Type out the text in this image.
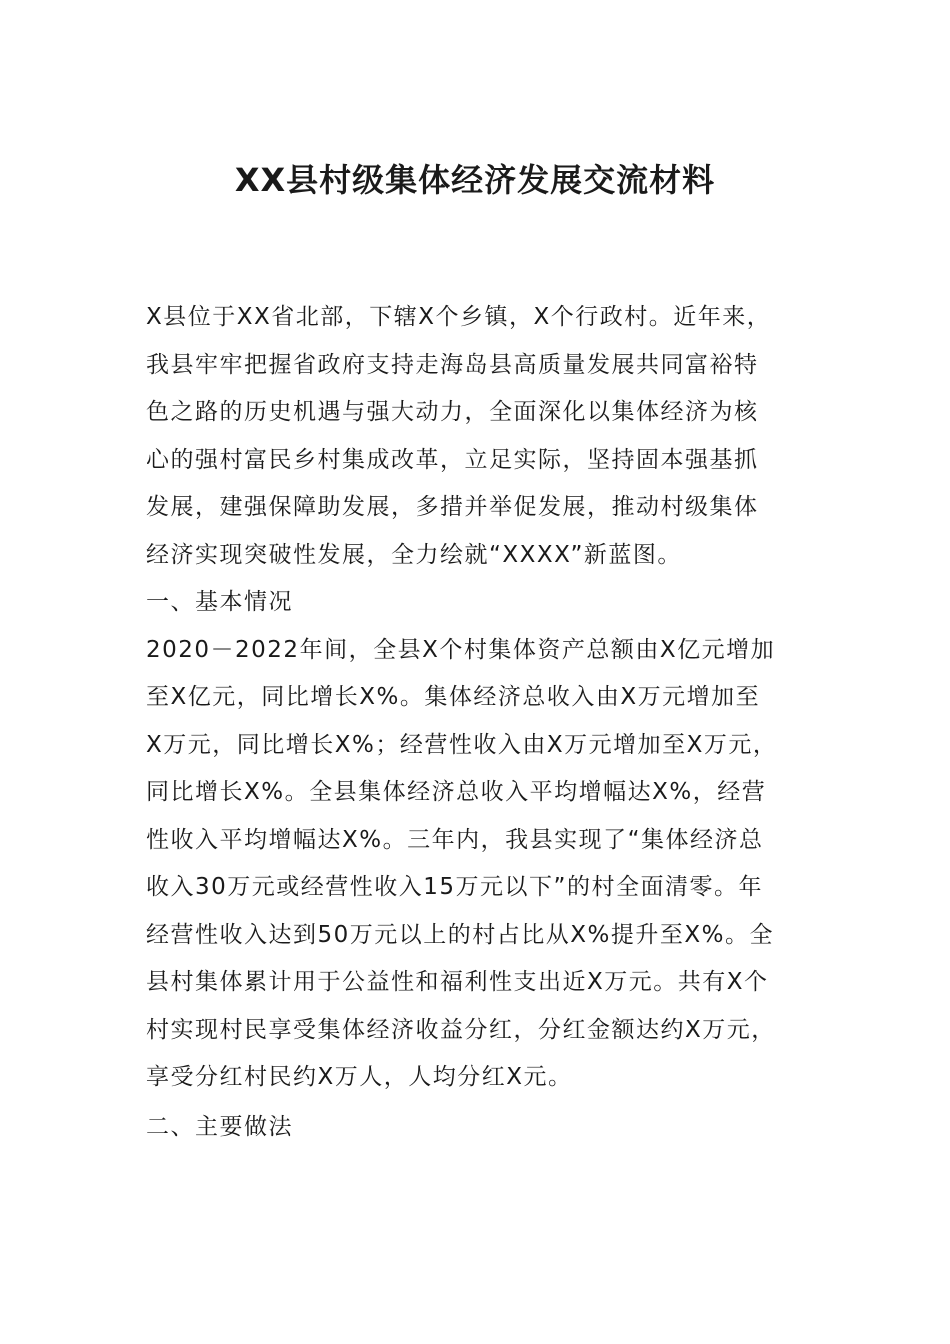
XX县村级集体经济发展交流材料
X县位于XX省北部，下辖X个乡镇，X个行政村。近年来，
我县牢牢把握省政府支持走海岛县高质量发展共同富裕特
色之路的历史机遇与强大动力，全面深化以集体经济为核
心的强村富民乡村集成改革，立足实际，坚持固本强基抓
发展，建强保障助发展，多措并举促发展，推动村级集体
经济实现突破性发展，全力绘就“XXXX”新蓝图。
一、基本情况
2020－2022年间，全县X个村集体资产总额由X亿元增加
至X亿元，同比增长X%。集体经济总收入由X万元增加至
X万元，同比增长X%；经营性收入由X万元增加至X万元，
同比增长X%。全县集体经济总收入平均增幅达X%，经营
性收入平均增幅达X%。三年内，我县实现了“集体经济总
收入30万元或经营性收入15万元以下”的村全面清零。年
经营性收入达到50万元以上的村占比从X%提升至X%。全
县村集体累计用于公益性和福利性支出近X万元。共有X个
村实现村民享受集体经济收益分红，分红金额达约X万元，
享受分红村民约X万人，人均分红X元。
二、主要做法
